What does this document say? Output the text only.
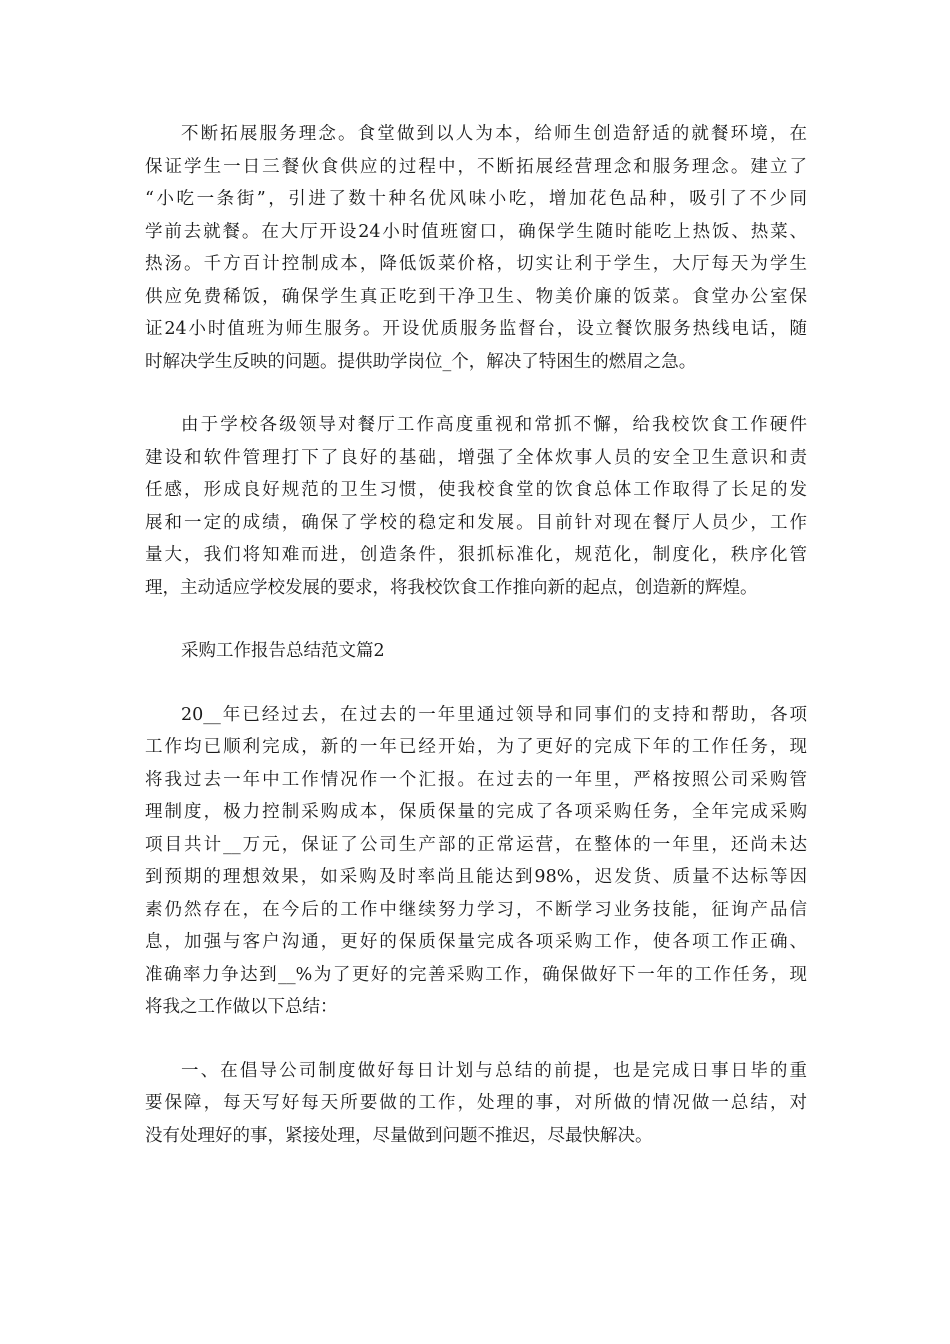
不断拓展服务理念。食堂做到以人为本，给师生创造舒适的就餐环境，在
保证学生一日三餐伙食供应的过程中，不断拓展经营理念和服务理念。建立了
“小吃一条街”，引进了数十种名优风味小吃，增加花色品种，吸引了不少同
学前去就餐。在大厅开设24小时值班窗口，确保学生随时能吃上热饭、热菜、
热汤。千方百计控制成本，降低饭菜价格，切实让利于学生，大厅每天为学生
供应免费稀饭，确保学生真正吃到干净卫生、物美价廉的饭菜。食堂办公室保
证24小时值班为师生服务。开设优质服务监督台，设立餐饮服务热线电话，随
时解决学生反映的问题。提供助学岗位_个，解决了特困生的燃眉之急。
由于学校各级领导对餐厅工作高度重视和常抓不懈，给我校饮食工作硬件
建设和软件管理打下了良好的基础，增强了全体炊事人员的安全卫生意识和责
任感，形成良好规范的卫生习惯，使我校食堂的饮食总体工作取得了长足的发
展和一定的成绩，确保了学校的稳定和发展。目前针对现在餐厅人员少，工作
量大，我们将知难而进，创造条件，狠抓标准化，规范化，制度化，秩序化管
理，主动适应学校发展的要求，将我校饮食工作推向新的起点，创造新的辉煌。
采购工作报告总结范文篇2
20__年已经过去，在过去的一年里通过领导和同事们的支持和帮助，各项
工作均已顺利完成，新的一年已经开始，为了更好的完成下年的工作任务，现
将我过去一年中工作情况作一个汇报。在过去的一年里，严格按照公司采购管
理制度，极力控制采购成本，保质保量的完成了各项采购任务，全年完成采购
项目共计__万元，保证了公司生产部的正常运营，在整体的一年里，还尚未达
到预期的理想效果，如采购及时率尚且能达到98%，迟发货、质量不达标等因
素仍然存在，在今后的工作中继续努力学习，不断学习业务技能，征询产品信
息，加强与客户沟通，更好的保质保量完成各项采购工作，使各项工作正确、
准确率力争达到__%为了更好的完善采购工作，确保做好下一年的工作任务，现
将我之工作做以下总结：
一、在倡导公司制度做好每日计划与总结的前提，也是完成日事日毕的重
要保障，每天写好每天所要做的工作，处理的事，对所做的情况做一总结，对
没有处理好的事，紧接处理，尽量做到问题不推迟，尽最快解决。
